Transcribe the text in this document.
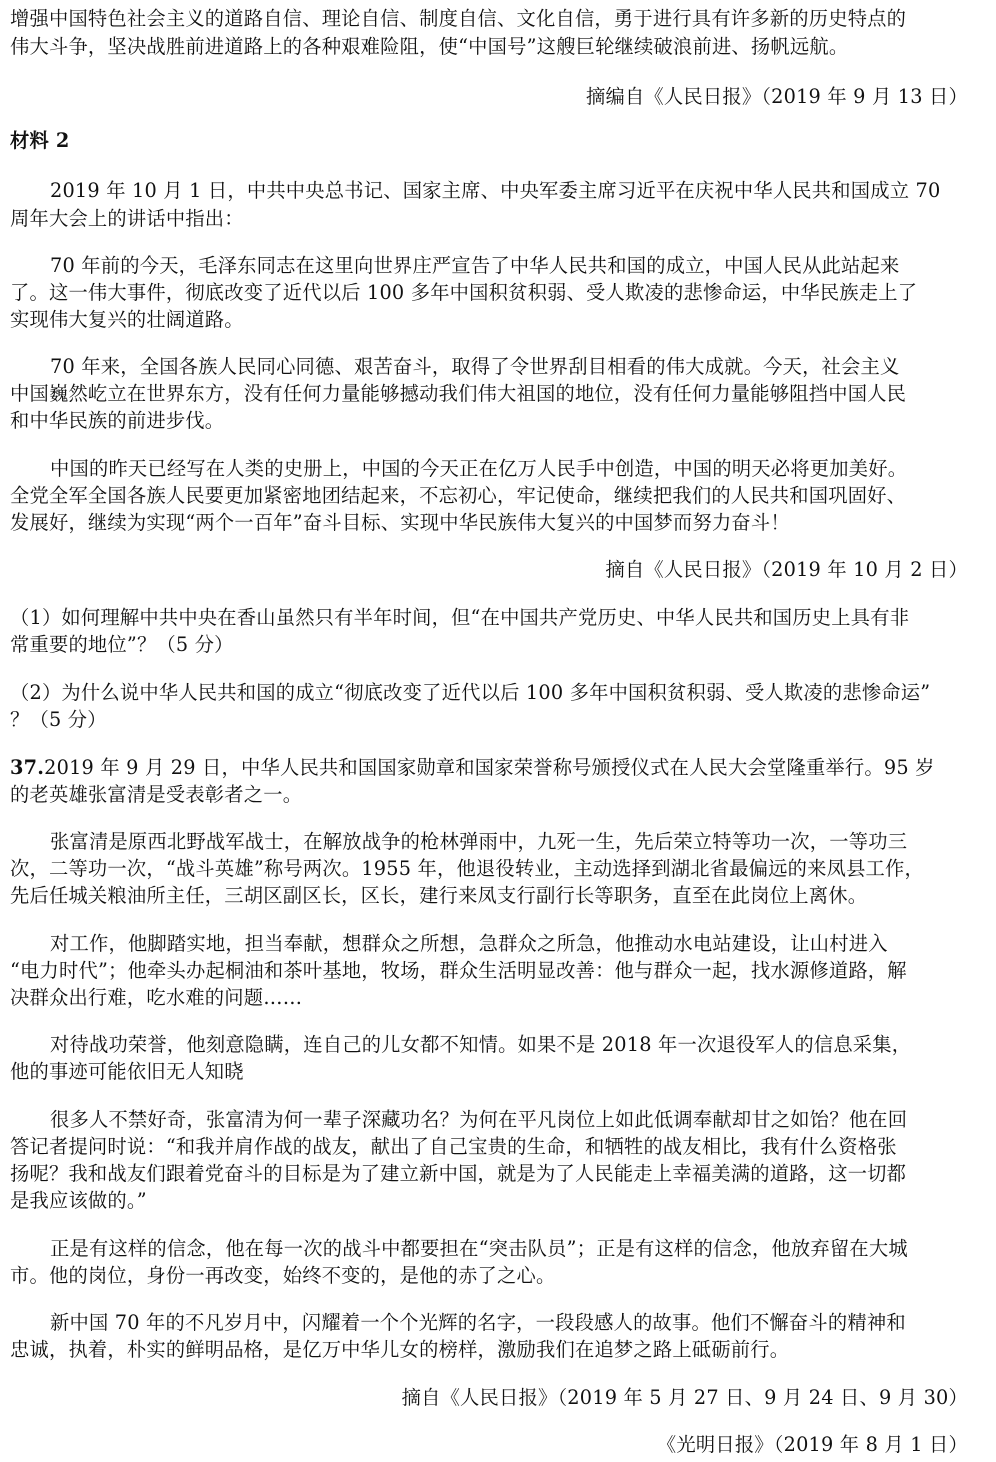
增强中国特色社会主义的道路自信、理论自信、制度自信、文化自信，勇于进行具有许多新的历史特点的
伟大斗争，坚决战胜前进道路上的各种艰难险阻，使“中国号”这艘巨轮继续破浪前进、扬帆远航。
摘编自《人民日报》（2019 年 9 月 13 日）
材料 2
2019 年 10 月 1 日，中共中央总书记、国家主席、中央军委主席习近平在庆祝中华人民共和国成立 70
周年大会上的讲话中指出：
70 年前的今天，毛泽东同志在这里向世界庄严宣告了中华人民共和国的成立，中国人民从此站起来
了。这一伟大事件，彻底改变了近代以后 100 多年中国积贫积弱、受人欺凌的悲惨命运，中华民族走上了
实现伟大复兴的壮阔道路。
70 年来，全国各族人民同心同德、艰苦奋斗，取得了令世界刮目相看的伟大成就。今天，社会主义
中国巍然屹立在世界东方，没有任何力量能够撼动我们伟大祖国的地位，没有任何力量能够阻挡中国人民
和中华民族的前进步伐。
中国的昨天已经写在人类的史册上，中国的今天正在亿万人民手中创造，中国的明天必将更加美好。
全党全军全国各族人民要更加紧密地团结起来，不忘初心，牢记使命，继续把我们的人民共和国巩固好、
发展好，继续为实现“两个一百年”奋斗目标、实现中华民族伟大复兴的中国梦而努力奋斗！
摘自《人民日报》（2019 年 10 月 2 日）
（1）如何理解中共中央在香山虽然只有半年时间，但“在中国共产党历史、中华人民共和国历史上具有非
常重要的地位”？（5 分）
（2）为什么说中华人民共和国的成立“彻底改变了近代以后 100 多年中国积贫积弱、受人欺凌的悲惨命运”
？（5 分）
37.2019 年 9 月 29 日，中华人民共和国国家勋章和国家荣誉称号颁授仪式在人民大会堂隆重举行。95 岁
的老英雄张富清是受表彰者之一。
张富清是原西北野战军战士，在解放战争的枪林弹雨中，九死一生，先后荣立特等功一次，一等功三
次，二等功一次，“战斗英雄”称号两次。1955 年，他退役转业，主动选择到湖北省最偏远的来凤县工作，
先后任城关粮油所主任，三胡区副区长，区长，建行来凤支行副行长等职务，直至在此岗位上离休。
对工作，他脚踏实地，担当奉献，想群众之所想，急群众之所急，他推动水电站建设，让山村进入
“电力时代”；他牵头办起桐油和茶叶基地，牧场，群众生活明显改善：他与群众一起，找水源修道路，解
决群众出行难，吃水难的问题……
对待战功荣誉，他刻意隐瞒，连自己的儿女都不知情。如果不是 2018 年一次退役军人的信息采集，
他的事迹可能依旧无人知晓
很多人不禁好奇，张富清为何一辈子深藏功名？为何在平凡岗位上如此低调奉献却甘之如饴？他在回
答记者提问时说：“和我并肩作战的战友，献出了自己宝贵的生命，和牺牲的战友相比，我有什么资格张
扬呢？我和战友们跟着党奋斗的目标是为了建立新中国，就是为了人民能走上幸福美满的道路，这一切都
是我应该做的。”
正是有这样的信念，他在每一次的战斗中都要担在“突击队员”；正是有这样的信念，他放弃留在大城
市。他的岗位，身份一再改变，始终不变的，是他的赤了之心。
新中国 70 年的不凡岁月中，闪耀着一个个光辉的名字，一段段感人的故事。他们不懈奋斗的精神和
忠诚，执着，朴实的鲜明品格，是亿万中华儿女的榜样，激励我们在追梦之路上砥砺前行。
摘自《人民日报》（2019 年 5 月 27 日、9 月 24 日、9 月 30）
《光明日报》（2019 年 8 月 1 日）
